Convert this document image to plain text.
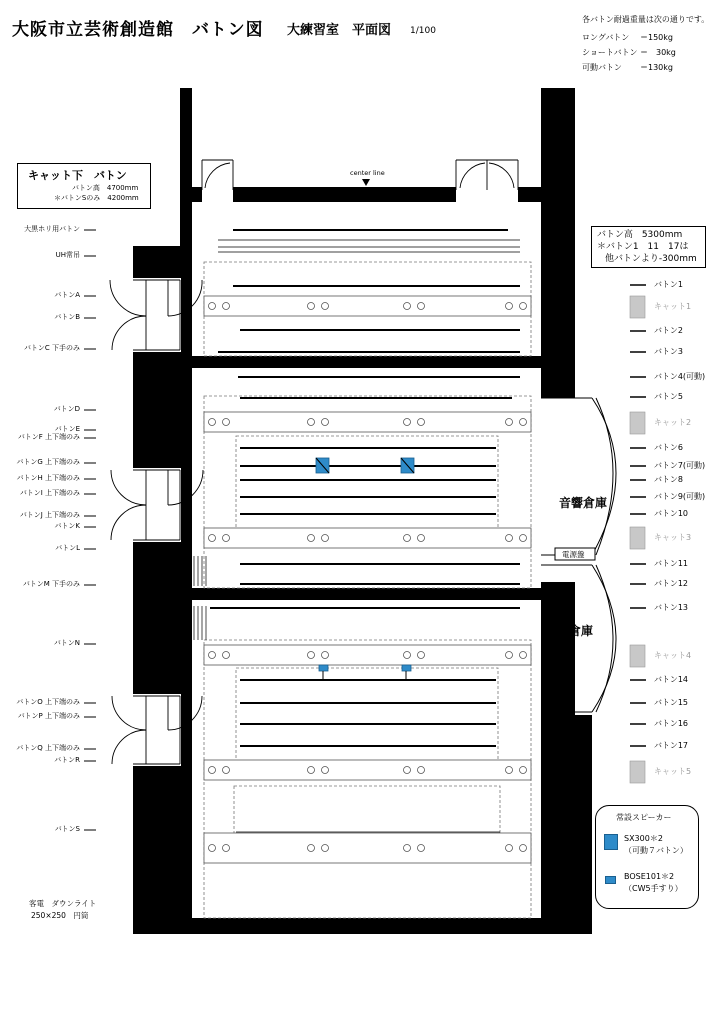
大阪市立芸術創造館　バトン図 大練習室　平面図 1/100
各バトン耐過重量は次の通りです。
ロングバトン ＝150kg
ショートバトン ＝　30kg
可動バトン ＝130kg
キャット下　バトン
バトン高　4700mm
＊バトンSのみ　4200mm
バトン高　5300mm
＊バトン1　11　17は
他バトンより-300mm
center line
音響倉庫
電源盤
倉庫
大黒ホリ用バトン
UH常吊
バトンA
バトンB
バトンC 下手のみ
バトンD
バトンE
バトンF 上下端のみ
バトンG 上下端のみ
バトンH 上下端のみ
バトンI 上下端のみ
バトンJ 上下端のみ
バトンK
バトンL
バトンM 下手のみ
バトンN
バトンO 上下端のみ
バトンP 上下端のみ
バトンQ 上下端のみ
バトンR
バトンS
バトン1
キャット1
バトン2
バトン3
バトン4(可動)
バトン5
キャット2
バトン6
バトン7(可動)
バトン8
バトン9(可動)
バトン10
キャット3
バトン11
バトン12
バトン13
キャット4
バトン14
バトン15
バトン16
バトン17
キャット5
常設スピーカー
SX300＊2
（可動７バトン）
BOSE101＊2
（CW5手すり）
客電　ダウンライト
250×250　円筒
